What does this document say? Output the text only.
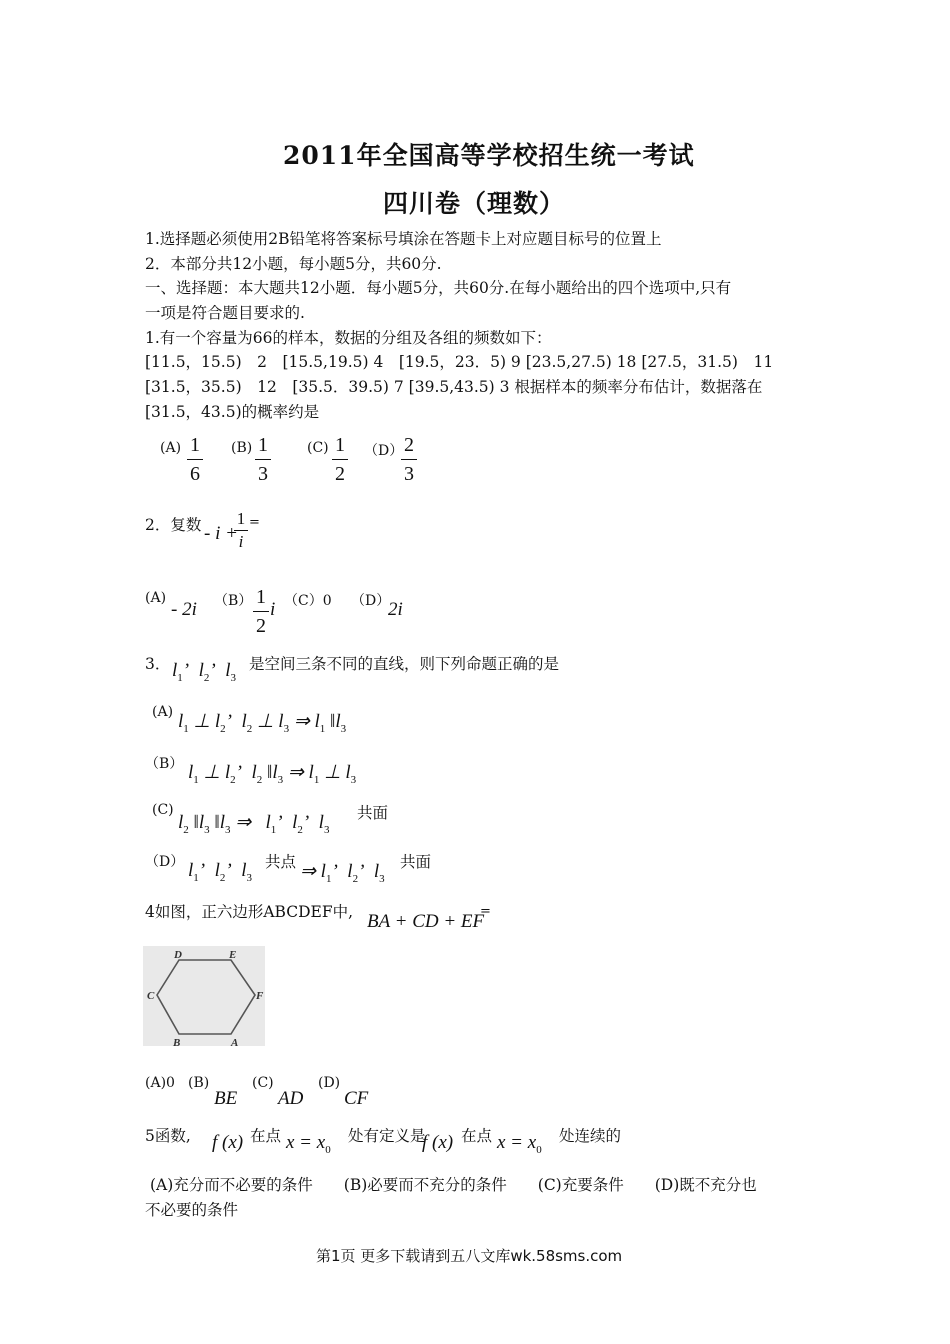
2011年全国高等学校招生统一考试
四川卷（理数）
1.选择题必须使用2B铅笔将答案标号填涂在答题卡上对应题目标号的位置上
2．本部分共12小题，每小题5分，共60分.
一、选择题：本大题共12小题．每小题5分，共60分.在每小题给出的四个选项中,只有
一项是符合题目要求的.
1.有一个容量为66的样本，数据的分组及各组的频数如下：
[11.5，15.5)　2　[15.5,19.5) 4　[19.5，23．5) 9 [23.5,27.5) 18 [27.5，31.5)　11
[31.5，35.5)　12　[35.5．39.5) 7 [39.5,43.5) 3 根据样本的频率分布估计，数据落在
[31.5，43.5)的概率约是
(A) 1
6
(B) 1
3
(C) 1
2
（D） 2
3
2．复数 - i +
1
i
=
(A)
- 2i （B） 1
2
i （C）0 （D）
2i
3． $l_1$’ $l_2$’ $l_3$
是空间三条不同的直线，则下列命题正确的是
(A) $l_1$ ⊥ $l_2$’ $l_2$ ⊥ $l_3$ ⇒ $l_1$ $‖l_3$
（B） $l_1$ ⊥ $l_2$’ $l_2$ $‖l_3$ ⇒ $l_1$ ⊥ $l_3$
(C)
$l_2$ $‖l_3$ $‖l_3$ ⇒ $l_1$’ $l_2$’ $l_3$
共面
（D） $l_1$’ $l_2$’ $l_3$
共点 ⇒ $l_1$’ $l_2$’ $l_3$
共面
4如图，正六边形ABCDEF中, BA + CD + EF
=
D	E
F
A
B
C
(A)0 (B)
BE
(C)
AD
(D)
CF
5函数, f (x) 在点 $x = x_0$
处有定义是
f (x) 在点 $x = x_0$
处连续的
(A)充分而不必要的条件　　(B)必要而不充分的条件　　(C)充要条件　　(D)既不充分也
不必要的条件
第1页 更多下载请到五八文库wk.58sms.com
